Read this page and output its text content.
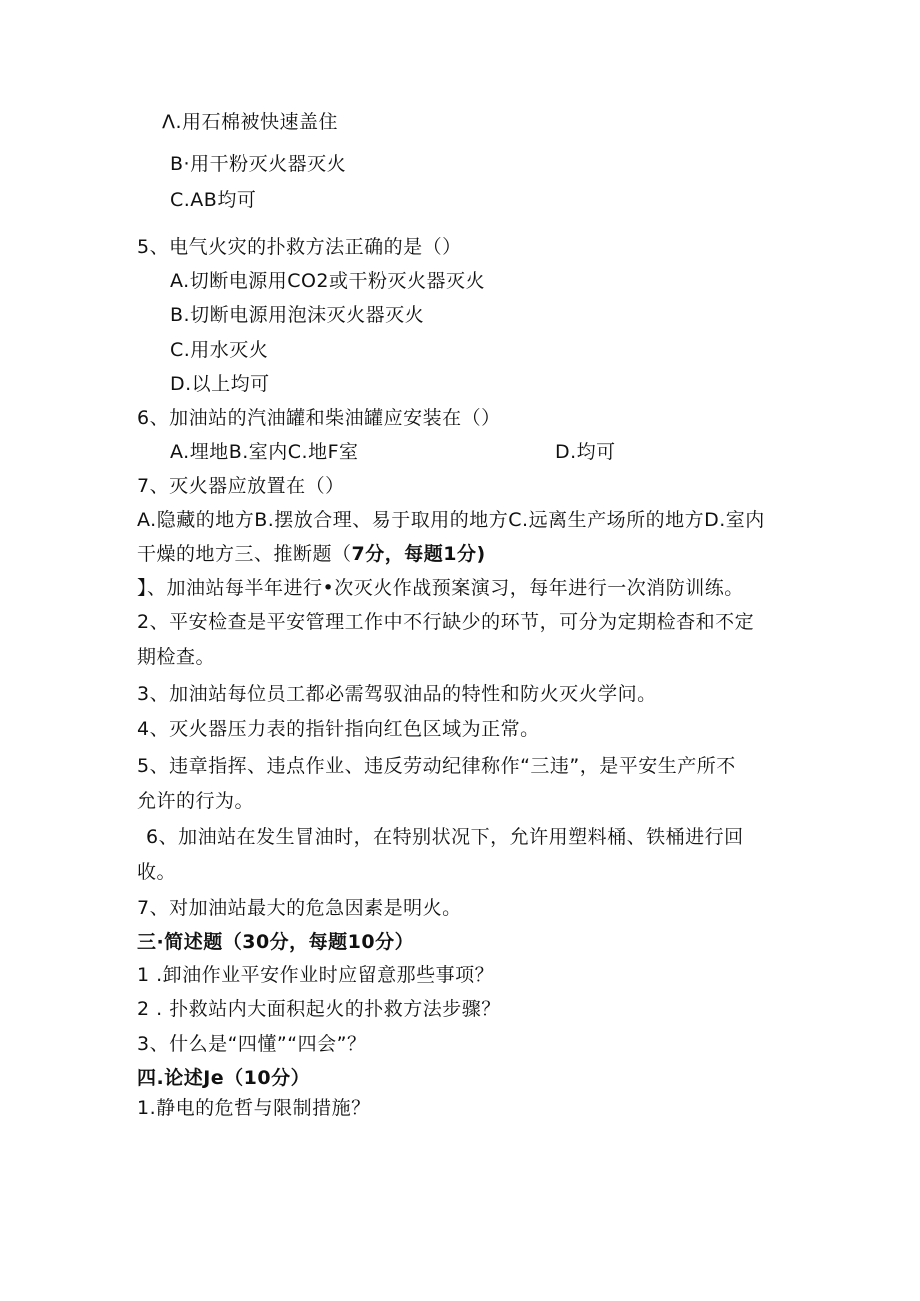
Λ.用石棉被快速盖住
B·用干粉灭火器灭火
C.AB均可
5、电气火灾的扑救方法正确的是（）
A.切断电源用CO2或干粉灭火器灭火
B.切断电源用泡沫灭火器灭火
C.用水灭火
D.以上均可
6、加油站的汽油罐和柴油罐应安装在（）
A.埋地B.室内C.地F室	D.均可
7、灭火器应放置在（）
A.隐藏的地方B.摆放合理、易于取用的地方C.远离生产场所的地方D.室内
干燥的地方三、推断题（7分，每题1分)
】、加油站每半年进行•次灭火作战预案演习，每年进行一次消防训练。
2、平安检查是平安管理工作中不行缺少的环节，可分为定期检杳和不定
期检查。
3、加油站每位员工都必需驾驭油品的特性和防火灭火学问。
4、灭火器压力表的指针指向红色区域为正常。
5、违章指挥、违点作业、违反劳动纪律称作“三违”，是平安生产所不
允许的行为。
6、加油站在发生冒油时，在特别状况下，允许用塑料桶、铁桶进行回
收。
7、对加油站最大的危急因素是明火。
三·简述题（30分，每题10分）
1 .卸油作业平安作业时应留意那些事项？
2 . 扑救站内大面积起火的扑救方法步骤？
3、什么是“四懂”“四会”？
四.论述Je（10分）
1.静电的危哲与限制措施？
